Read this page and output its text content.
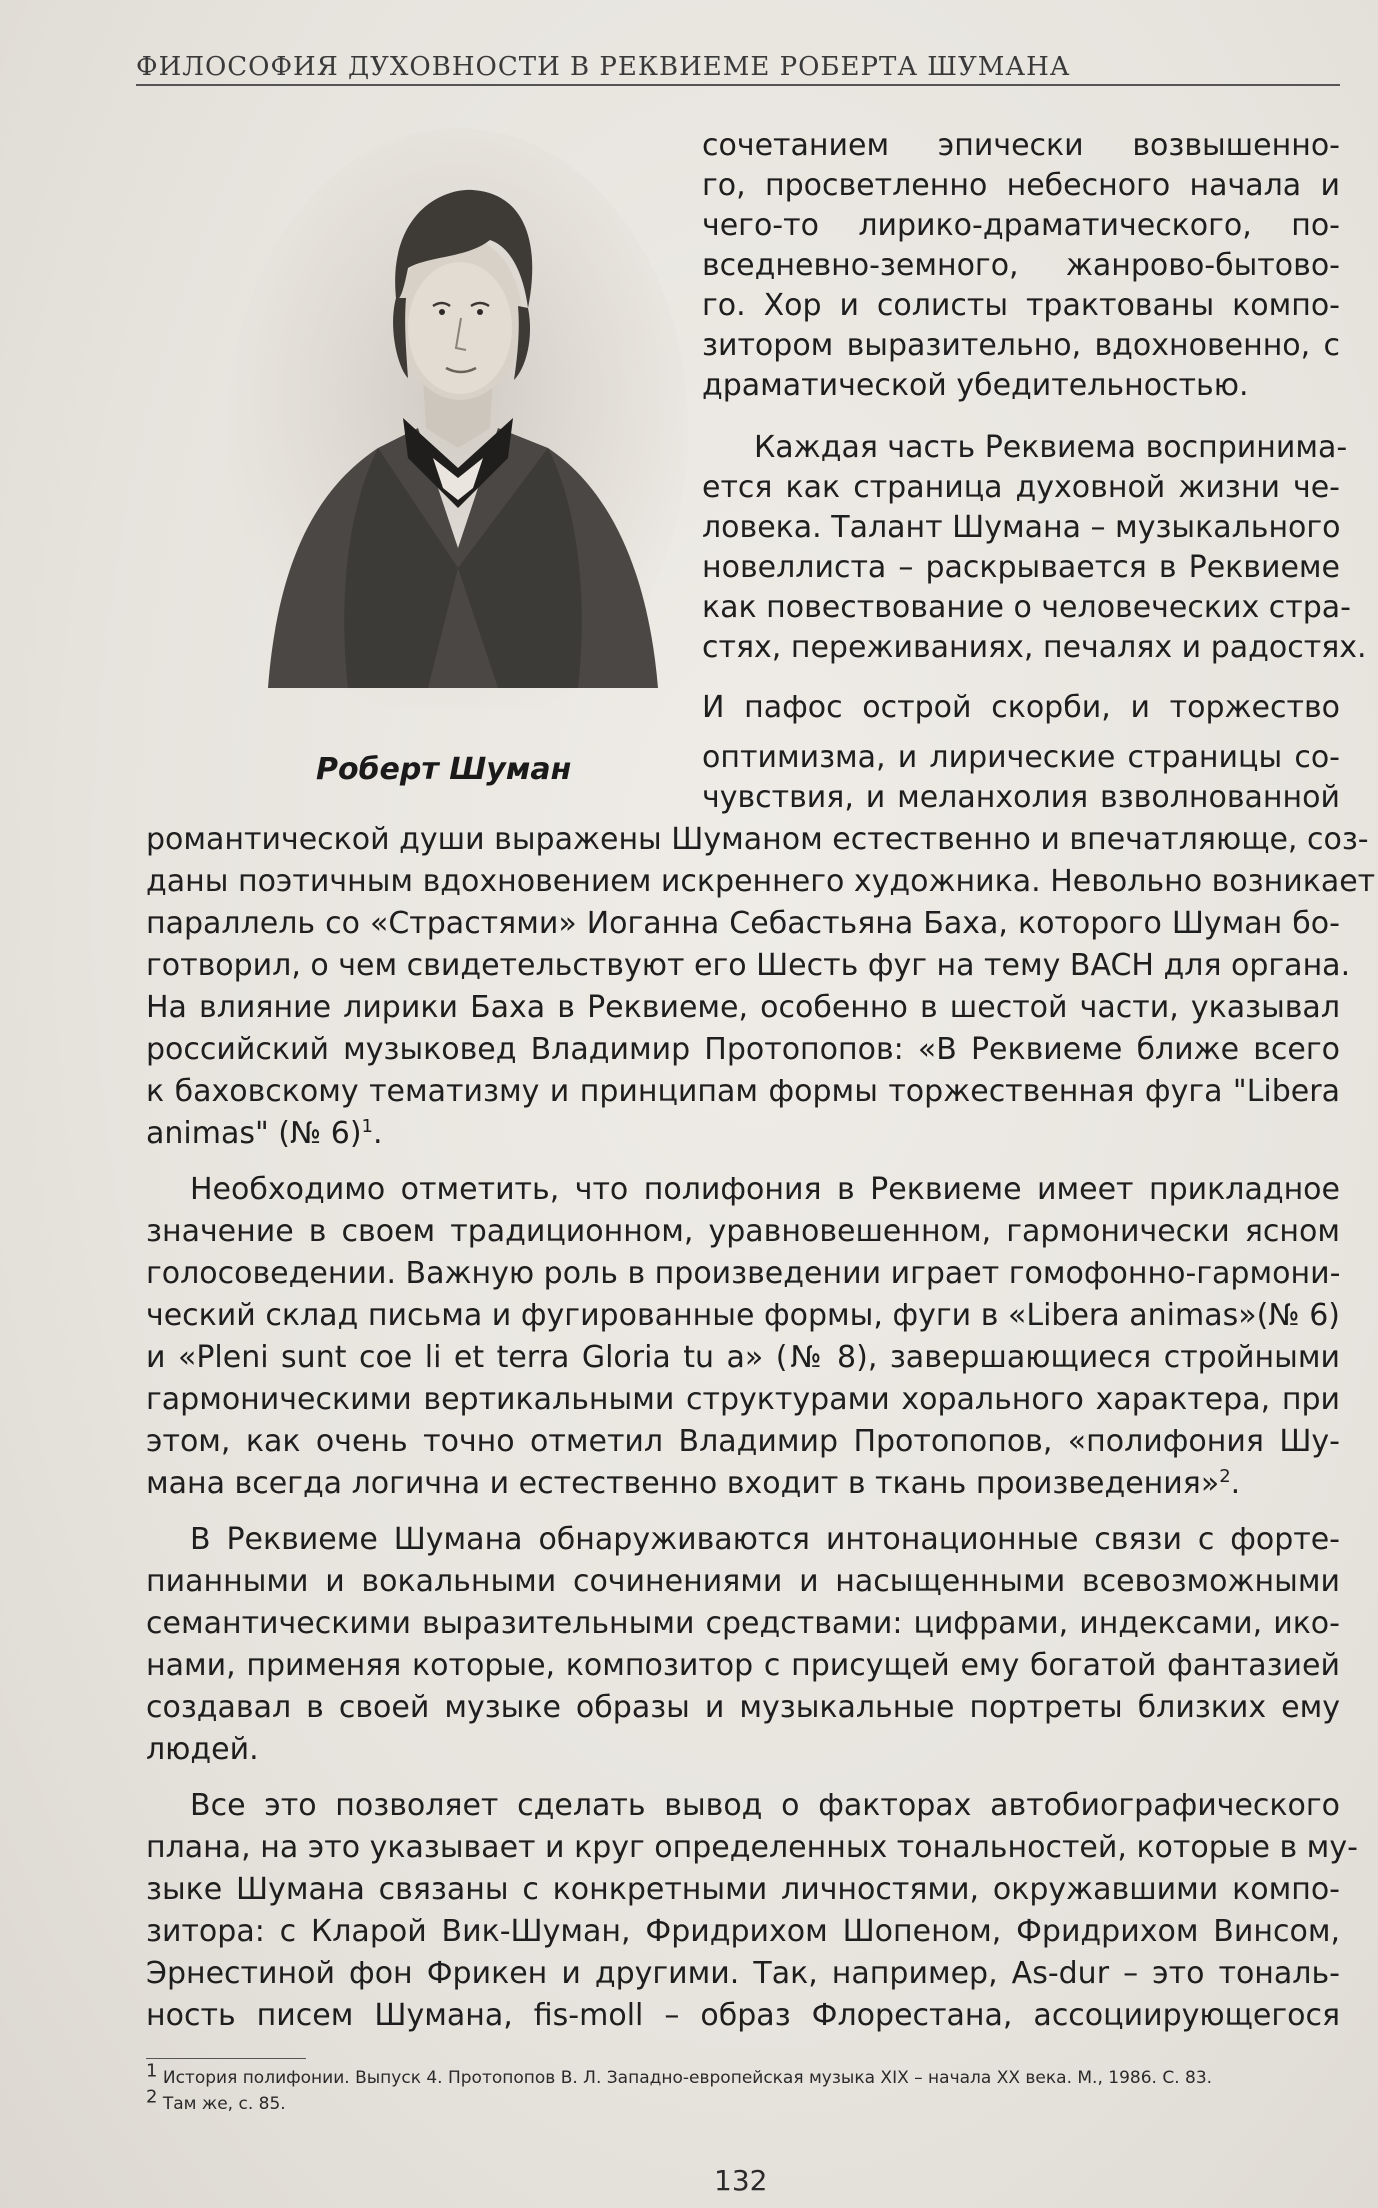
ФИЛОСОФИЯ ДУХОВНОСТИ В РЕКВИЕМЕ РОБЕРТА ШУМАНА
Роберт Шуман
сочетанием эпически возвышенно-
го, просветленно небесного начала и
чего-то лирико-драматического, по-
вседневно-земного, жанрово-бытово-
го. Хор и солисты трактованы компо-
зитором выразительно, вдохновенно, с
драматической убедительностью.
Каждая часть Реквиема воспринима-
ется как страница духовной жизни че-
ловека. Талант Шумана – музыкального
новеллиста – раскрывается в Реквиеме
как повествование о человеческих стра-
стях, переживаниях, печалях и радостях.
И пафос острой скорби, и торжество
оптимизма, и лирические страницы со-
чувствия, и меланхолия взволнованной
романтической души выражены Шуманом естественно и впечатляюще, соз-
даны поэтичным вдохновением искреннего художника. Невольно возникает
параллель со «Страстями» Иоганна Себастьяна Баха, которого Шуман бо-
готворил, о чем свидетельствуют его Шесть фуг на тему BACH для органа.
На влияние лирики Баха в Реквиеме, особенно в шестой части, указывал
российский музыковед Владимир Протопопов: «В Реквиеме ближе всего
к баховскому тематизму и принципам формы торжественная фуга "Libera
animas" (№ 6)$^1$.
Необходимо отметить, что полифония в Реквиеме имеет прикладное
значение в своем традиционном, уравновешенном, гармонически ясном
голосоведении. Важную роль в произведении играет гомофонно-гармони-
ческий склад письма и фугированные формы, фуги в «Libera animas»(№ 6)
и «Pleni sunt coe li et terra Gloria tu a» (№ 8), завершающиеся стройными
гармоническими вертикальными структурами хорального характера, при
этом, как очень точно отметил Владимир Протопопов, «полифония Шу-
мана всегда логична и естественно входит в ткань произведения»$^2$.
В Реквиеме Шумана обнаруживаются интонационные связи с форте-
пианными и вокальными сочинениями и насыщенными всевозможными
семантическими выразительными средствами: цифрами, индексами, ико-
нами, применяя которые, композитор с присущей ему богатой фантазией
создавал в своей музыке образы и музыкальные портреты близких ему
людей.
Все это позволяет сделать вывод о факторах автобиографического
плана, на это указывает и круг определенных тональностей, которые в му-
зыке Шумана связаны с конкретными личностями, окружавшими компо-
зитора: с Кларой Вик-Шуман, Фридрихом Шопеном, Фридрихом Винсом,
Эрнестиной фон Фрикен и другими. Так, например, As-dur – это тональ-
ность писем Шумана, fis-moll – образ Флорестана, ассоциирующегося
$^1$ История полифонии. Выпуск 4. Протопопов В. Л. Западно-европейская музыка XIX – начала XX века. М., 1986. С. 83.
$^2$ Там же, с. 85.
132
